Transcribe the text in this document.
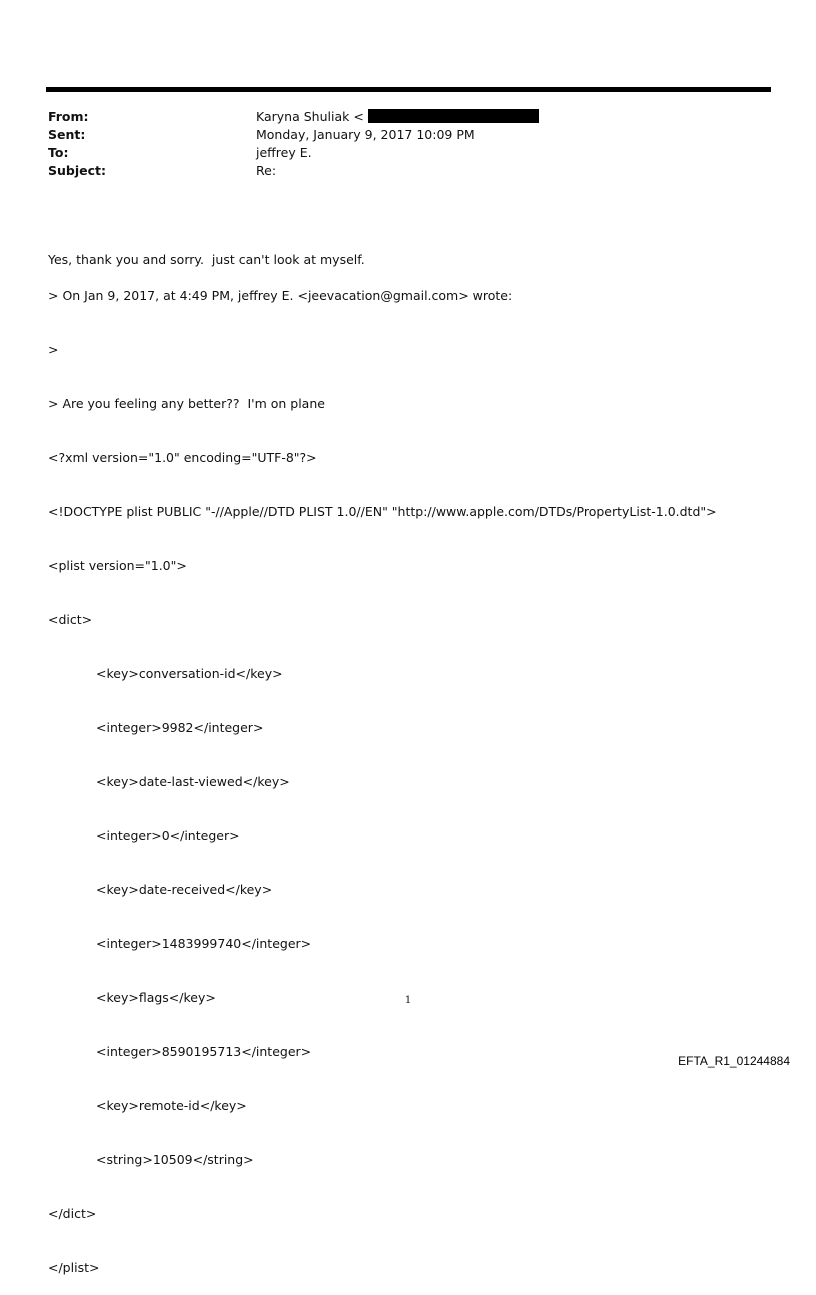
From:	Karyna Shuliak <
Sent:	Monday, January 9, 2017 10:09 PM
To:	jeffrey E.
Subject:	Re:

Yes, thank you and sorry.  just can't look at myself.

> On Jan 9, 2017, at 4:49 PM, jeffrey E. <jeevacation@gmail.com> wrote:

>

> Are you feeling any better??  I'm on plane

<?xml version="1.0" encoding="UTF-8"?>

<!DOCTYPE plist PUBLIC "-//Apple//DTD PLIST 1.0//EN" "http://www.apple.com/DTDs/PropertyList-1.0.dtd">

<plist version="1.0">

<dict>

<key>conversation-id</key>

<integer>9982</integer>

<key>date-last-viewed</key>

<integer>0</integer>

<key>date-received</key>

<integer>1483999740</integer>

<key>flags</key>

<integer>8590195713</integer>

<key>remote-id</key>

<string>10509</string>

</dict>

</plist>

1
EFTA_R1_01244884
